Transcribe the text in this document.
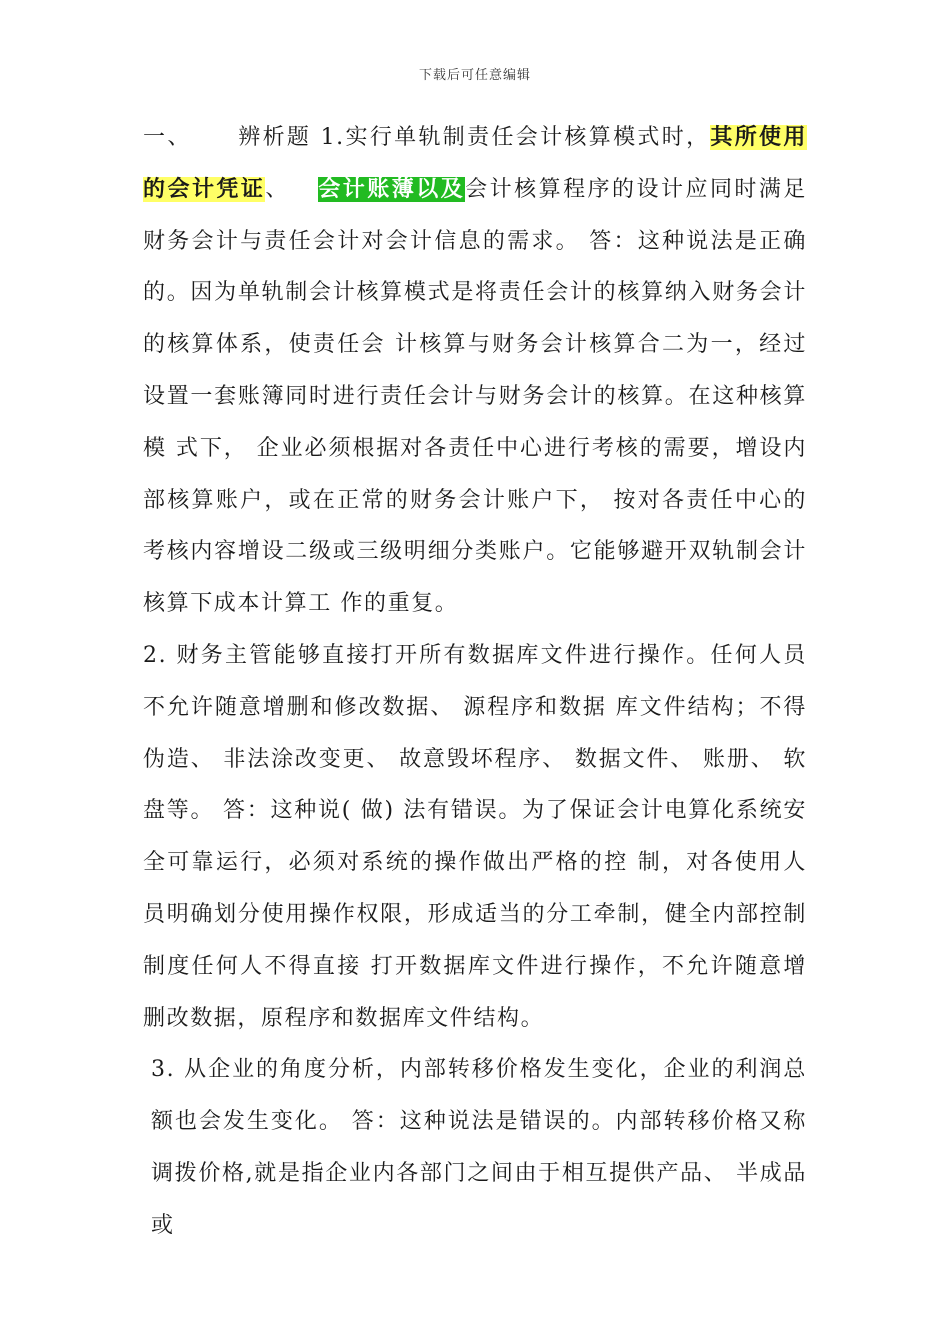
下载后可任意编辑

一、 辨析题 1.实行单轨制责任会计核算模式时，其所使用的会计凭证、 会计账薄以及会计核算程序的设计应同时满足 财务会计与责任会计对会计信息的需求。 答：这种说法是正确的。因为单轨制会计核算模式是将责任会计的核算纳入财务会计的核算体系，使责任会 计核算与财务会计核算合二为一，经过设置一套账簿同时进行责任会计与财务会计的核算。在这种核算模 式下， 企业必须根据对各责任中心进行考核的需要，增设内部核算账户，或在正常的财务会计账户下， 按对各责任中心的考核内容增设二级或三级明细分类账户。它能够避开双轨制会计核算下成本计算工 作的重复。

2. 财务主管能够直接打开所有数据库文件进行操作。任何人员不允许随意增删和修改数据、 源程序和数据 库文件结构；不得伪造、 非法涂改变更、 故意毁坏程序、 数据文件、 账册、 软盘等。 答：这种说( 做) 法有错误。为了保证会计电算化系统安全可靠运行，必须对系统的操作做出严格的控 制，对各使用人员明确划分使用操作权限，形成适当的分工牵制，健全内部控制制度任何人不得直接 打开数据库文件进行操作，不允许随意增删改数据，原程序和数据库文件结构。

3. 从企业的角度分析，内部转移价格发生变化，企业的利润总额也会发生变化。 答：这种说法是错误的。内部转移价格又称调拨价格,就是指企业内各部门之间由于相互提供产品、 半成品 或
